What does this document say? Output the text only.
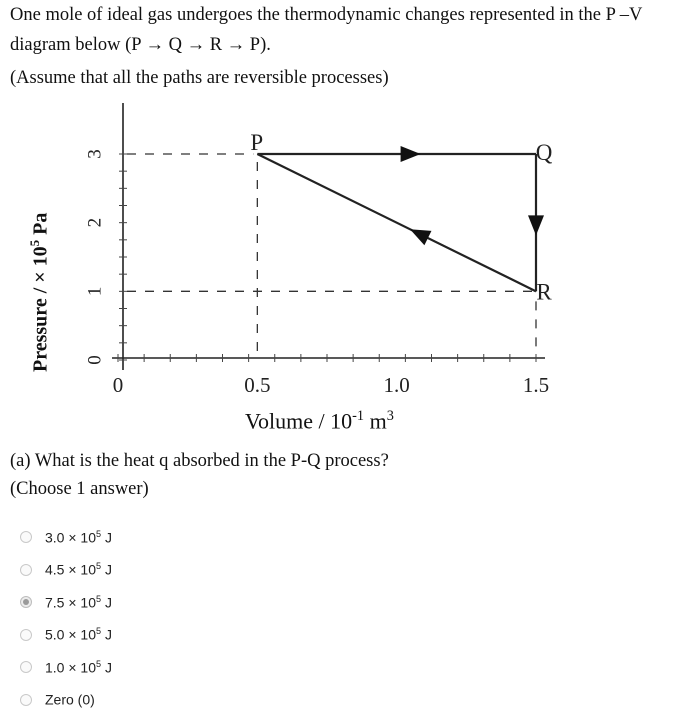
One mole of ideal gas undergoes the thermodynamic changes represented in the P –V
diagram below (P → Q → R → P).
(Assume that all the paths are reversible processes)
0	0.5	1.0	1.5
0
1
2
3	P	Q
R
Pressure / × $10^5$ Pa
Volume / $10^{-1}$ $m^3$
(a) What is the heat q absorbed in the P-Q process?
(Choose 1 answer)
$3.0 \times 10^5$ J
$4.5 \times 10^5$ J
$7.5 \times 10^5$ J
$5.0 \times 10^5$ J
$1.0 \times 10^5$ J
Zero (0)
